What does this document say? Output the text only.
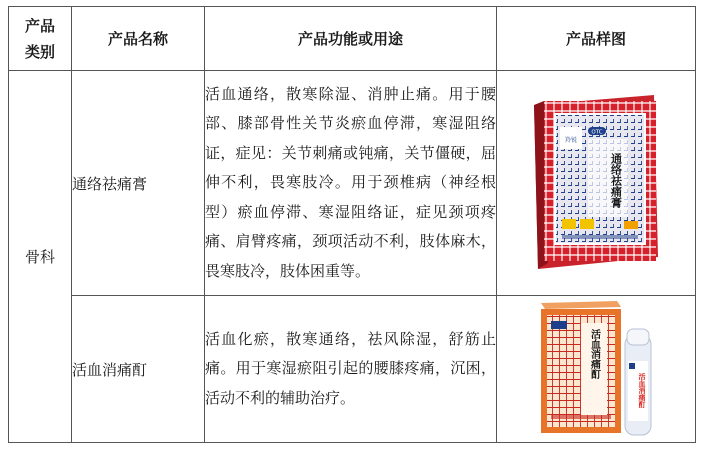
产品
类别	产品名称	产品功能或用途	产品样图
骨科	通络祛痛膏	活血通络，散寒除湿、消肿止痛。用于腰部、膝部骨性关节炎瘀血停滞，寒湿阻络证，症见：关节刺痛或钝痛，关节僵硬，屈伸不利，畏寒肢冷。用于颈椎病（神经根型）瘀血停滞、寒湿阻络证，症见颈项疼痛、肩臂疼痛，颈项活动不利，肢体麻木，畏寒肢冷，肢体困重等。	羚锐
OTC
通络祛痛膏

	活血消痛酊	活血化瘀，散寒通络，祛风除湿，舒筋止痛。用于寒湿瘀阻引起的腰膝疼痛，沉困，活动不利的辅助治疗。	活血消痛酊
活血消痛酊
